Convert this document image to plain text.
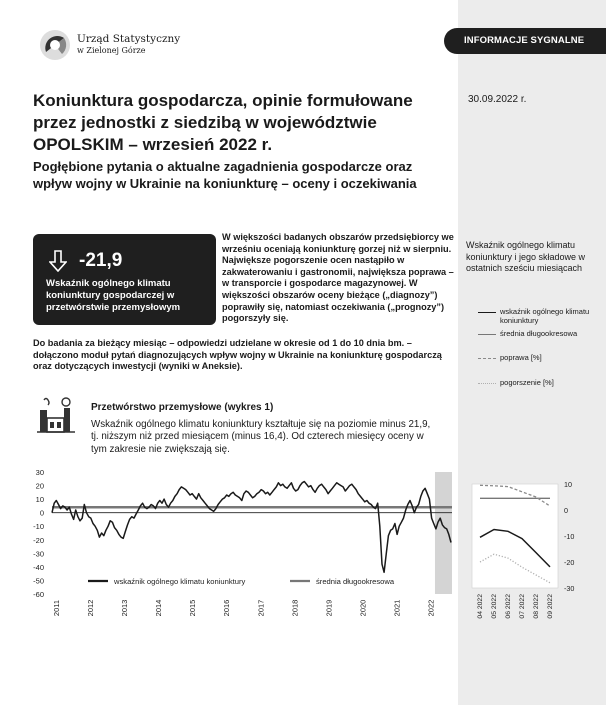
INFORMACJE SYGNALNE
30.09.2022 r.
Urząd Statystyczny
w Zielonej Górze
Koniunktura gospodarcza, opinie formułowane przez jednostki z siedzibą w województwie OPOLSKIM – wrzesień 2022 r.
Pogłębione pytania o aktualne zagadnienia gospodarcze oraz wpływ wojny w Ukrainie na koniunkturę – oceny i oczekiwania
-21,9
Wskaźnik ogólnego klimatu koniunktury gospodarczej w przetwórstwie przemysłowym
W większości badanych obszarów przedsiębiorcy we wrześniu oceniają koniunkturę gorzej niż w sierpniu. Największe pogorszenie ocen nastąpiło w zakwaterowaniu i gastronomii, największa poprawa – w transporcie i gospodarce magazynowej. W większości obszarów oceny bieżące („diagnozy”) poprawiły się, natomiast oczekiwania („prognozy”) pogorszyły się.
Do badania za bieżący miesiąc – odpowiedzi udzielane w okresie od 1 do 10 dnia bm. – dołączono moduł pytań diagnozujących wpływ wojny w Ukrainie na koniunkturę gospodarczą oraz dotyczących inwestycji (wyniki w Aneksie).
Przetwórstwo przemysłowe (wykres 1)
Wskaźnik ogólnego klimatu koniunktury kształtuje się na poziomie minus 21,9, tj. niższym niż przed miesiącem (minus 16,4). Od czterech miesięcy oceny w tym zakresie nie zwiększają się.
30
20
10
0
-10
-20
-30
-40
-50
-60
2011	2012	2013	2014	2015	2016	2017	2018	2019	2020	2021	2022
wskaźnik ogólnego klimatu koniunktury	średnia długookresowa
Wskaźnik ogólnego klimatu koniunktury i jego składowe w ostatnich sześciu miesiącach
wskaźnik ogólnego klimatu koniunktury
średnia długookresowa
poprawa [%]
pogorszenie [%]
10
0
-10
-20
-30
04 2022 05 2022 06 2022 07 2022 08 2022 09 2022
